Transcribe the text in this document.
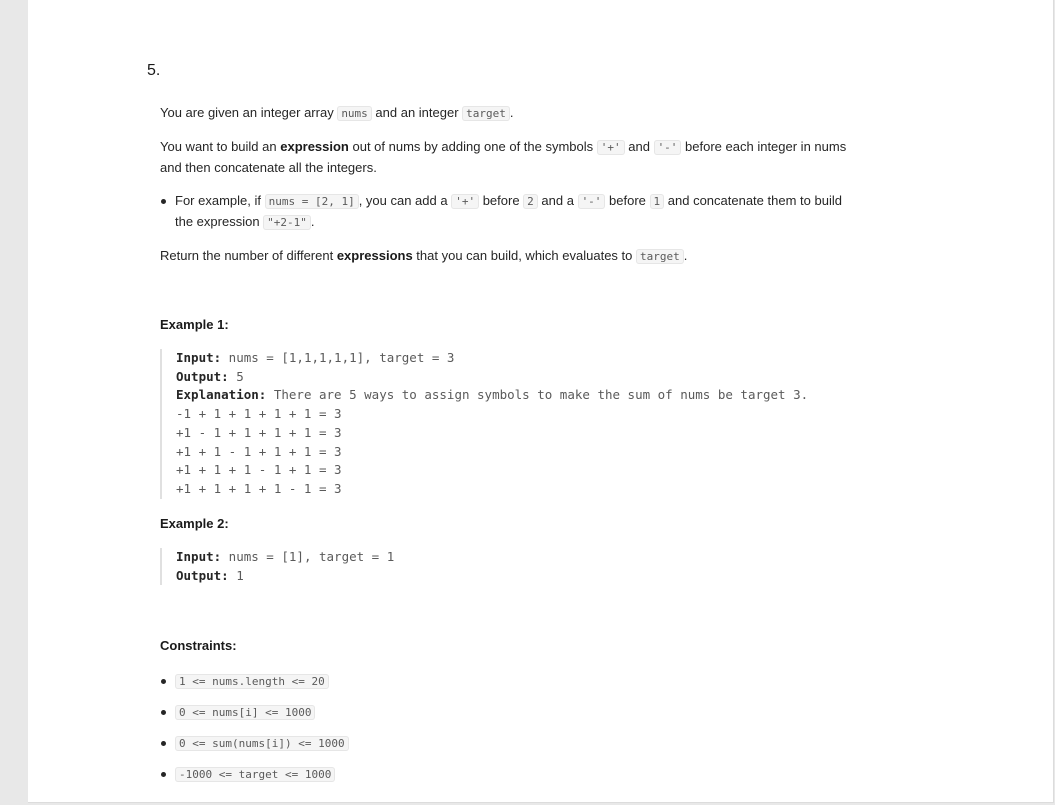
5.

You are given an integer array nums and an integer target .

You want to build an expression out of nums by adding one of the symbols '+' and '-' before each integer in nums and then concatenate all the integers.

For example, if nums = [2, 1] , you can add a '+' before 2 and a '-' before 1 and concatenate them to build the expression "+2-1" .

Return the number of different expressions that you can build, which evaluates to target .

Example 1:
Input: nums = [1,1,1,1,1], target = 3
Output: 5
Explanation: There are 5 ways to assign symbols to make the sum of nums be target 3.
-1 + 1 + 1 + 1 + 1 = 3
+1 - 1 + 1 + 1 + 1 = 3
+1 + 1 - 1 + 1 + 1 = 3
+1 + 1 + 1 - 1 + 1 = 3
+1 + 1 + 1 + 1 - 1 = 3
Example 2:
Input: nums = [1], target = 1
Output: 1
Constraints:
1 <= nums.length <= 20
0 <= nums[i] <= 1000
0 <= sum(nums[i]) <= 1000
-1000 <= target <= 1000
